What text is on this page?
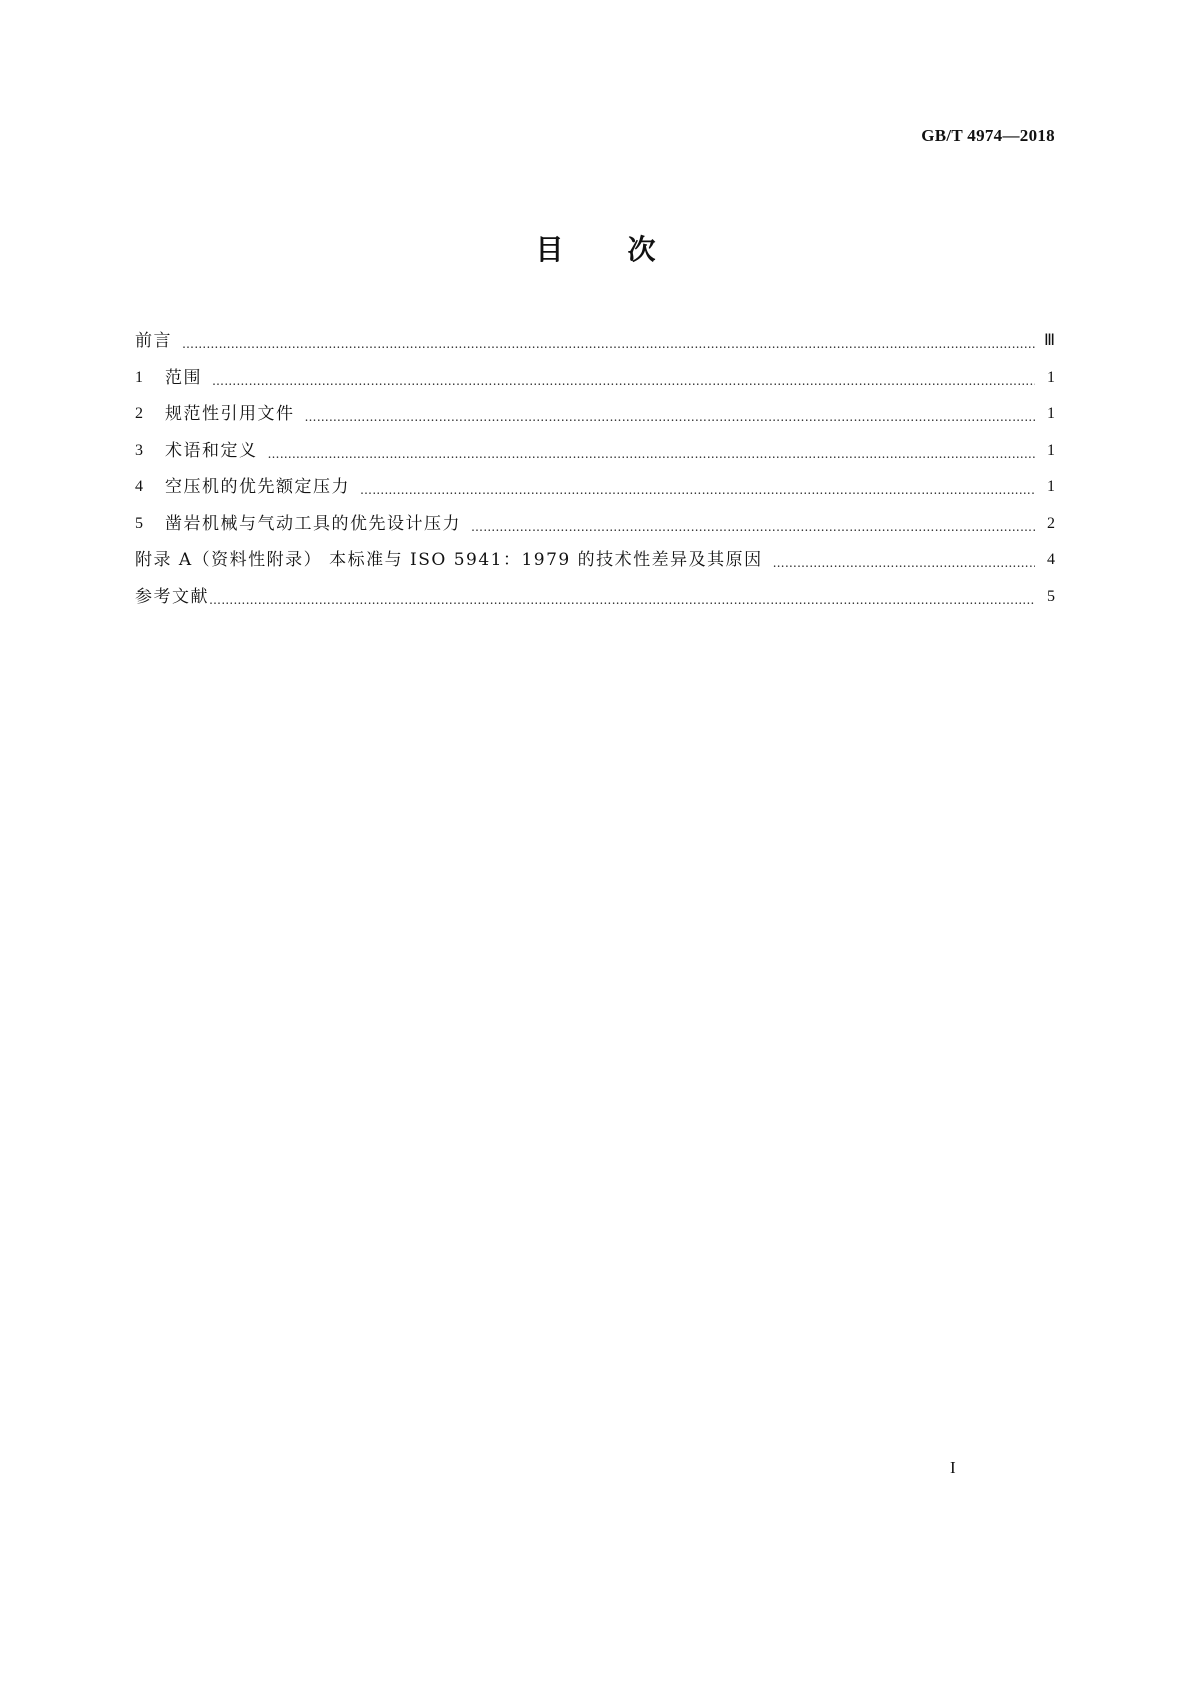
GB/T 4974—2018
目次
前言 …………………………………………………………………………………………………………………………………………………………………………………………	Ⅲ
1	范围 …………………………………………………………………………………………………………………………………………………………………………………………	1
2	规范性引用文件 …………………………………………………………………………………………………………………………………………………………………………………………	1
3	术语和定义 …………………………………………………………………………………………………………………………………………………………………………………………	1
4	空压机的优先额定压力 …………………………………………………………………………………………………………………………………………………………………………………………	1
5	凿岩机械与气动工具的优先设计压力 …………………………………………………………………………………………………………………………………………………………………………………………	2
附录 A（资料性附录） 本标准与 ISO 5941：1979 的技术性差异及其原因 …………………………………………………………………………………………………………………………………………………………………………………………	4
参考文献 …………………………………………………………………………………………………………………………………………………………………………………………	5
I
